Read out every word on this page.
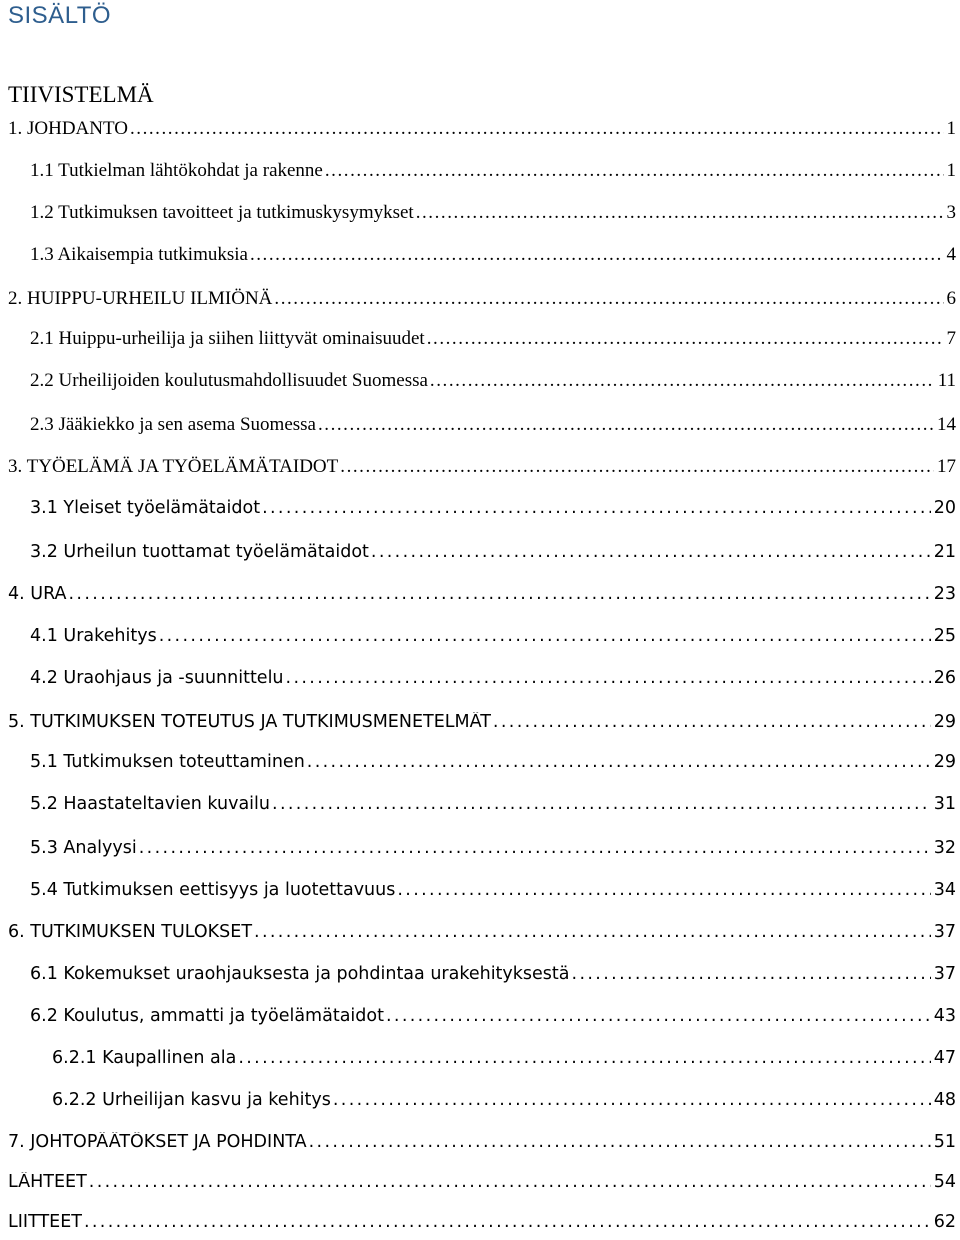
SISÄLTÖ
TIIVISTELMÄ
1. JOHDANTO . . .	1
1.1 Tutkielman lähtökohdat ja rakenne . . .	1
1.2 Tutkimuksen tavoitteet ja tutkimuskysymykset . . .	3
1.3 Aikaisempia tutkimuksia . . .	4
2. HUIPPU-URHEILU ILMIÖNÄ . . .	6
2.1 Huippu-urheilija ja siihen liittyvät ominaisuudet . . .	7
2.2 Urheilijoiden koulutusmahdollisuudet Suomessa . . .	11
2.3 Jääkiekko ja sen asema Suomessa . . .	14
3. TYÖELÄMÄ JA TYÖELÄMÄTAIDOT . . .	17
3.1 Yleiset työelämätaidot . . .	20
3.2 Urheilun tuottamat työelämätaidot . . .	21
4. URA . . .	23
4.1 Urakehitys . . .	25
4.2 Uraohjaus ja -suunnittelu . . .	26
5. TUTKIMUKSEN TOTEUTUS JA TUTKIMUSMENETELMÄT . . .	29
5.1 Tutkimuksen toteuttaminen . . .	29
5.2 Haastateltavien kuvailu . . .	31
5.3 Analyysi . . .	32
5.4 Tutkimuksen eettisyys ja luotettavuus . . .	34
6. TUTKIMUKSEN TULOKSET . . .	37
6.1 Kokemukset uraohjauksesta ja pohdintaa urakehityksestä . . .	37
6.2 Koulutus, ammatti ja työelämätaidot . . .	43
6.2.1 Kaupallinen ala . . .	47
6.2.2 Urheilijan kasvu ja kehitys . . .	48
7. JOHTOPÄÄTÖKSET JA POHDINTA . . .	51
LÄHTEET . . .	54
LIITTEET . . .	62
